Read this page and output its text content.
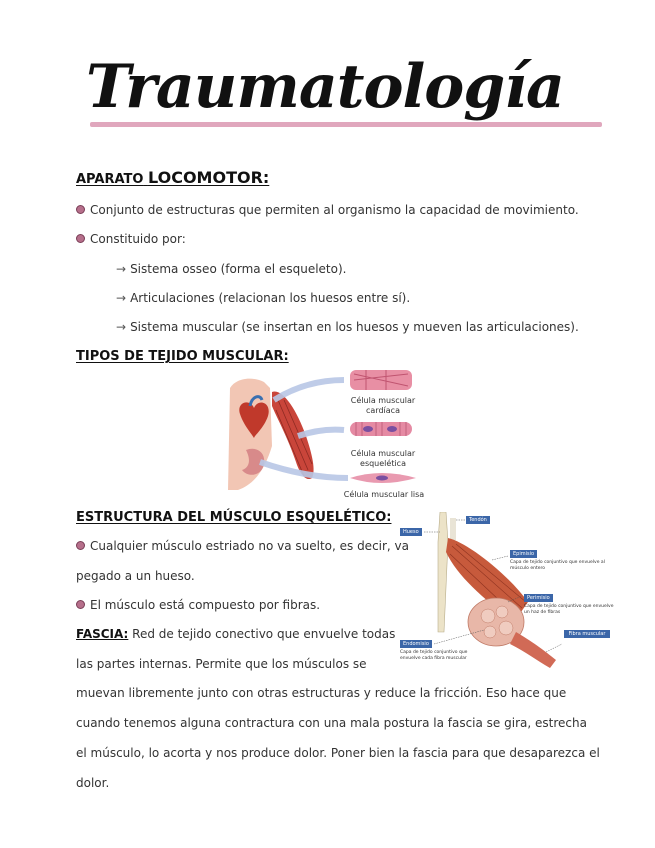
Traumatología
APARATO LOCOMOTOR:
Conjunto de estructuras que permiten al organismo la capacidad de movimiento.
Constituido por:
→ Sistema osseo (forma el esqueleto).
→ Articulaciones (relacionan los huesos entre sí).
→ Sistema muscular (se insertan en los huesos y mueven las articulaciones).
TIPOS DE TEJIDO MUSCULAR:
Célula muscular cardíaca
Célula muscular esquelética
Célula muscular lisa
ESTRUCTURA DEL MÚSCULO ESQUELÉTICO:
Cualquier músculo estriado no va suelto, es decir, va
pegado a un hueso.
El músculo está compuesto por fibras.
FASCIA: Red de tejido conectivo que envuelve todas
las partes internas. Permite que los músculos se
muevan libremente junto con otras estructuras y reduce la fricción. Eso hace que
cuando tenemos alguna contractura con una mala postura la fascia se gira, estrecha
el músculo, lo acorta y nos produce dolor. Poner bien la fascia para que desaparezca el
dolor.
Tendón
Hueso
Epimisio
Capa de tejido conjuntivo que envuelve al músculo entero
Perimisio
Capa de tejido conjuntivo que envuelve un haz de fibras
Endomisio
Capa de tejido conjuntivo que envuelve cada fibra muscular
Fibra muscular
